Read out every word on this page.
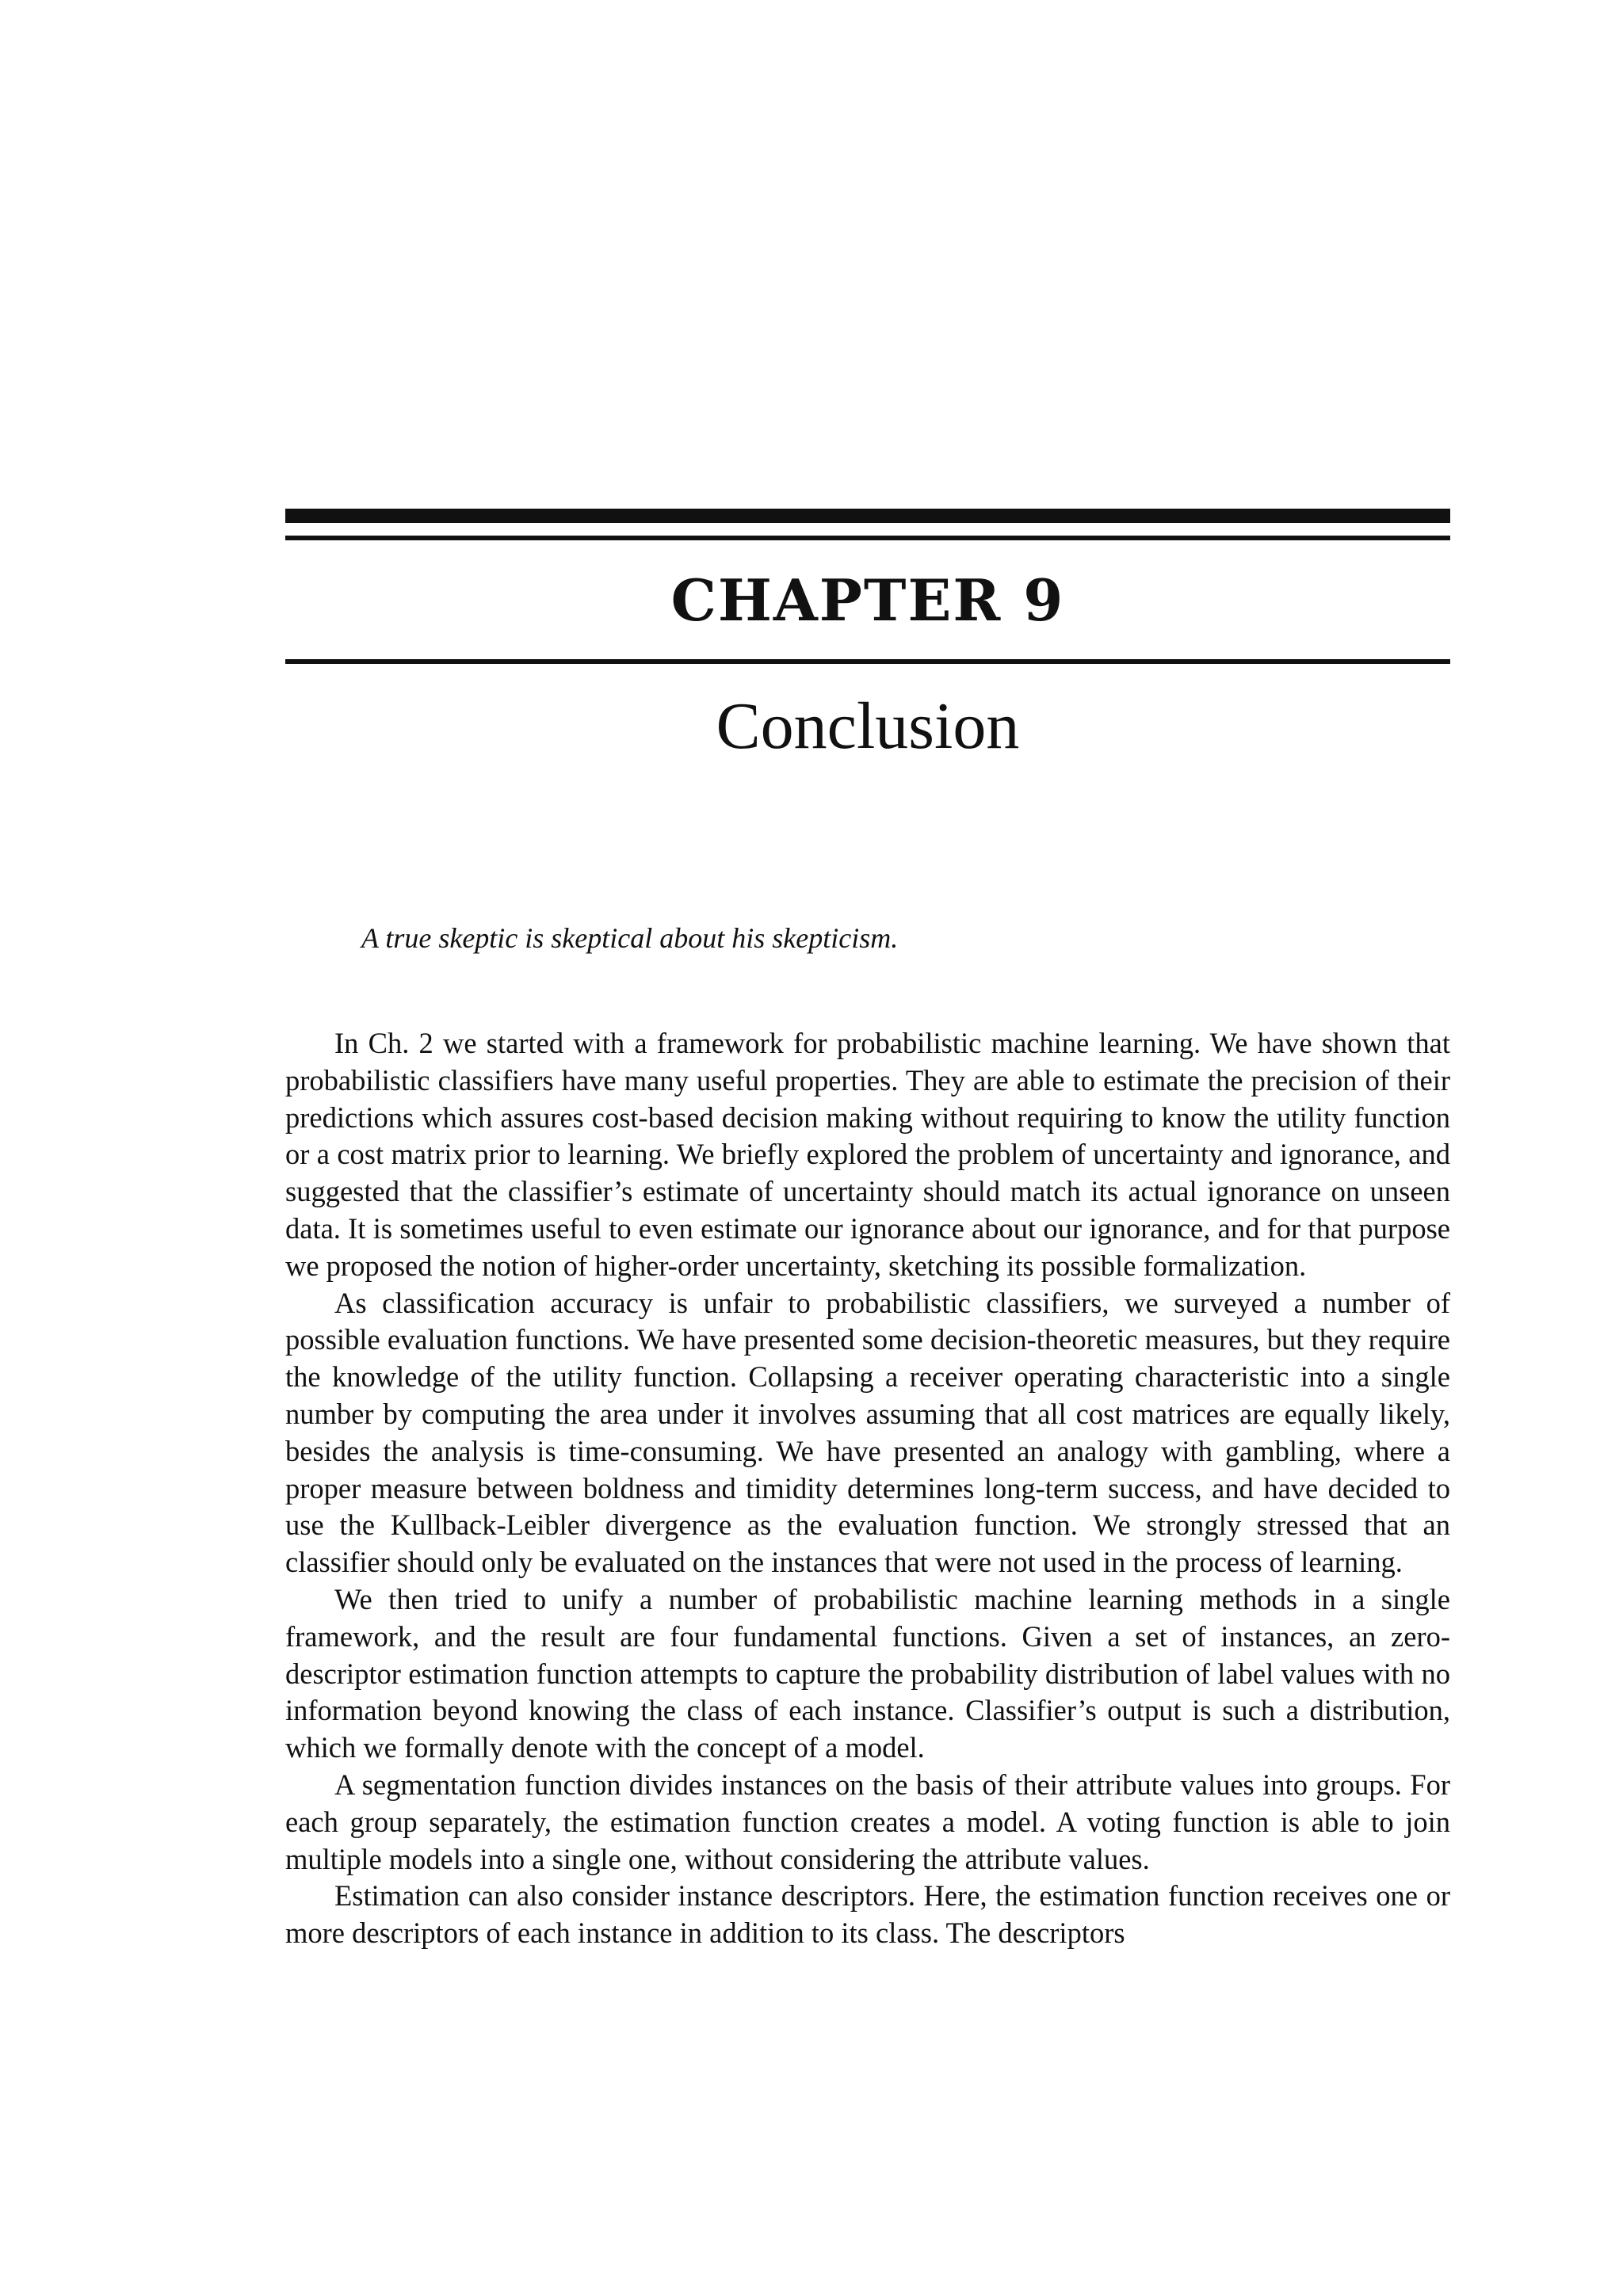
CHAPTER 9
Conclusion

A true skeptic is skeptical about his skepticism.

In Ch. 2 we started with a framework for probabilistic machine learning. We have shown that probabilistic classifiers have many useful properties. They are able to estimate the precision of their predictions which assures cost-based decision making without requiring to know the utility function or a cost matrix prior to learning. We briefly explored the problem of uncertainty and ignorance, and suggested that the classifier’s estimate of uncertainty should match its actual ignorance on unseen data. It is sometimes useful to even estimate our ignorance about our ignorance, and for that purpose we proposed the notion of higher-order uncertainty, sketching its possible formalization.

As classification accuracy is unfair to probabilistic classifiers, we surveyed a number of possible evaluation functions. We have presented some decision-theoretic measures, but they require the knowledge of the utility function. Collapsing a receiver operating characteristic into a single number by computing the area under it involves assuming that all cost matrices are equally likely, besides the analysis is time-consuming. We have presented an analogy with gambling, where a proper measure between boldness and timidity determines long-term success, and have decided to use the Kullback-Leibler divergence as the evaluation function. We strongly stressed that an classifier should only be evaluated on the instances that were not used in the process of learning.

We then tried to unify a number of probabilistic machine learning methods in a single framework, and the result are four fundamental functions. Given a set of instances, an zero-descriptor estimation function attempts to capture the probability distribution of label values with no information beyond knowing the class of each instance. Classifier’s output is such a distribution, which we formally denote with the concept of a model.

A segmentation function divides instances on the basis of their attribute values into groups. For each group separately, the estimation function creates a model. A voting function is able to join multiple models into a single one, without considering the attribute values.

Estimation can also consider instance descriptors. Here, the estimation function receives one or more descriptors of each instance in addition to its class. The descriptors
